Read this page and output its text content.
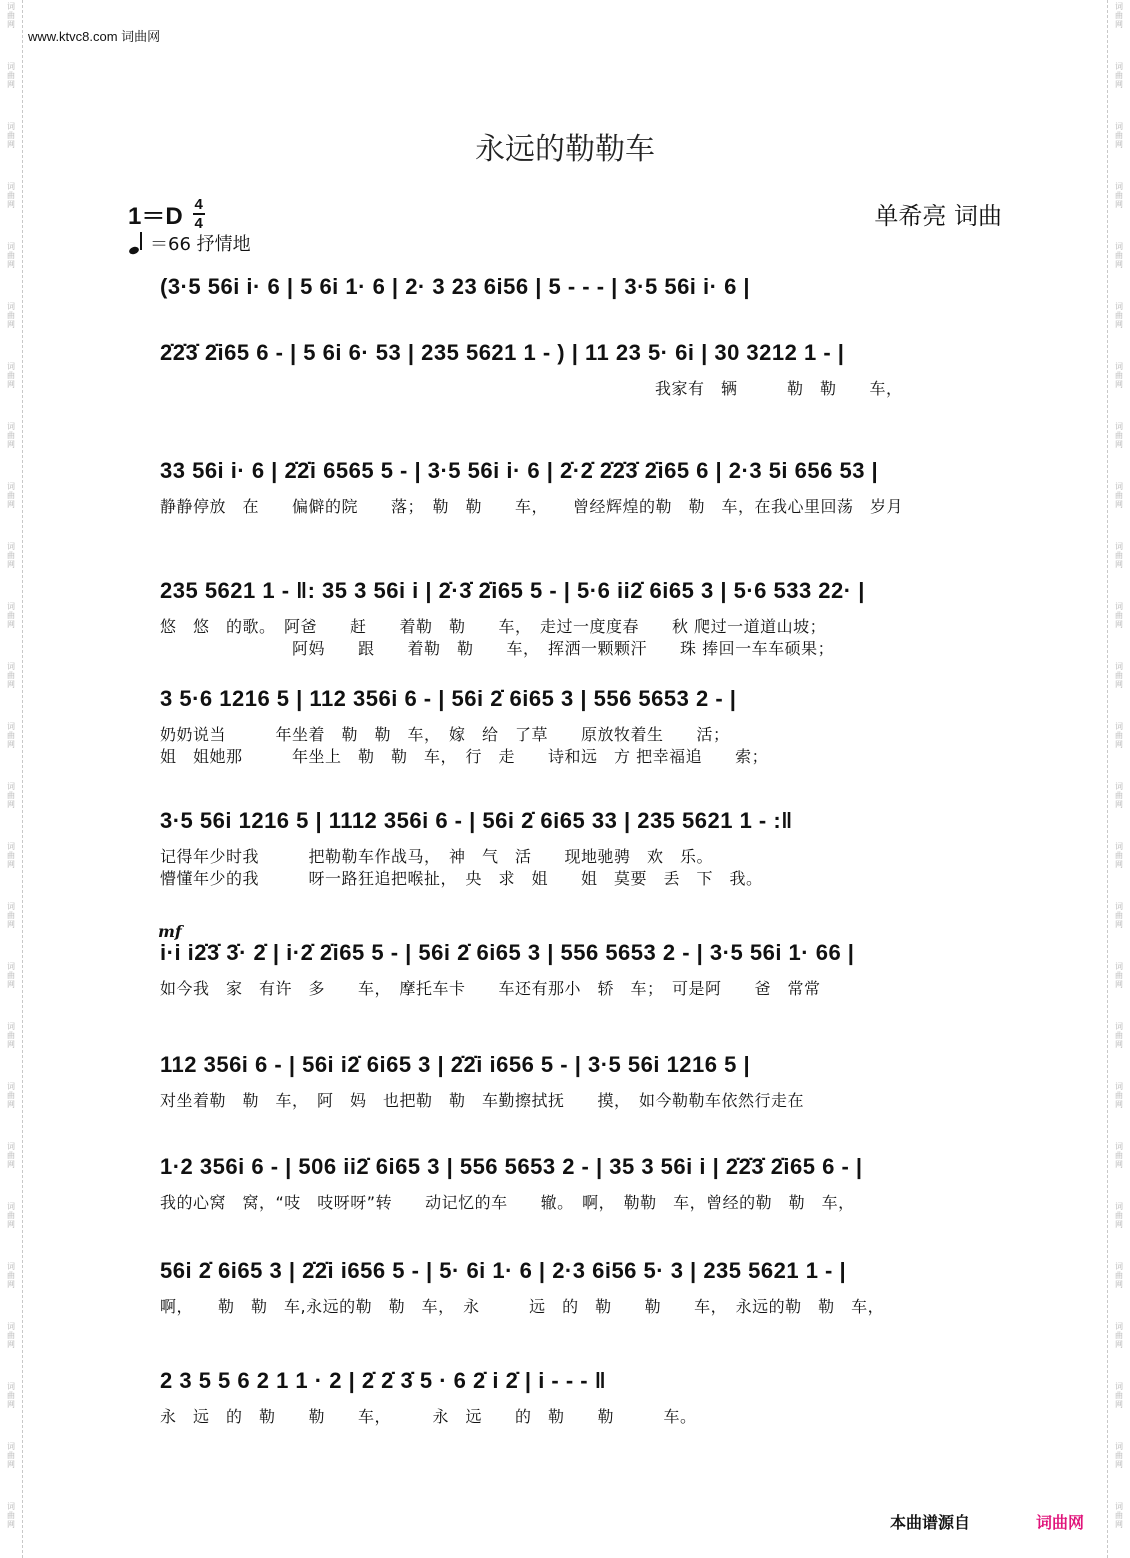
词曲网
词曲网
词曲网
词曲网
词曲网
词曲网
词曲网
词曲网
词曲网
词曲网
词曲网
词曲网
词曲网
词曲网
词曲网
词曲网
词曲网
词曲网
词曲网
词曲网
词曲网
词曲网
词曲网
词曲网
词曲网
词曲网
词曲网
词曲网
词曲网
词曲网
词曲网
词曲网
词曲网
词曲网
词曲网
词曲网
词曲网
词曲网
词曲网
词曲网
词曲网
词曲网
词曲网
词曲网
词曲网
词曲网
词曲网
词曲网
词曲网
词曲网
词曲网
词曲网
www.ktvc8.com 词曲网
永远的勒勒车
1＝D 4
4
＝66 抒情地
单希亮 词曲
mf
(3·5 56i i· 6 | 5 6i 1· 6 | 2· 3 23 6i56 | 5 - - - | 3·5 56i i· 6 |
2̇2̇3̇ 2̇i65 6 - | 5 6i 6· 53 | 235 5621 1 - ) | 11 23 5· 6i | 30 3212 1 - |
　　　　　　　　　　　　　　　　　　　　　　　　　　　　　　我家有　辆　　　勒　勒　　车，
33 56i i· 6 | 2̇2̇i 6565 5 - | 3·5 56i i· 6 | 2̇·2̇ 2̇2̇3̇ 2̇i65 6 | 2·3 5i 656 53 |
静静停放　在　　偏僻的院　　落；　勒　勒　　车，　　曾经辉煌的勒　勒　车，在我心里回荡　岁月
235 5621 1 - ‖: 35 3 56i i | 2̇·3̇ 2̇i65 5 - | 5·6 ii2̇ 6i65 3 | 5·6 533 22· |
悠　悠　的歌。　阿爸　　赶　　着勒　勒　　车，　走过一度度春　　秋 爬过一道道山坡；
　　　　　　　　阿妈　　跟　　着勒　勒　　车，　挥洒一颗颗汗　　珠 捧回一车车硕果；
3 5·6 1216 5 | 112 356i 6 - | 56i 2̇ 6i65 3 | 556 5653 2 - |
奶奶说当　　　年坐着　勒　勒　车，　嫁　给　了草　　原放牧着生　　活；
姐　姐她那　　　年坐上　勒　勒　车，　行　走　　诗和远　方 把幸福追　　索；
3·5 56i 1216 5 | 1112 356i 6 - | 56i 2̇ 6i65 33 | 235 5621 1 - :‖
记得年少时我　　　把勒勒车作战马，　神　气　活　　现地驰骋　欢　乐。
懵懂年少的我　　　呀一路狂追把喉扯，　央　求　姐　　姐　莫要　丢　下　我。
i·i i2̇3̇ 3̇· 2̇ | i·2̇ 2̇i65 5 - | 56i 2̇ 6i65 3 | 556 5653 2 - | 3·5 56i 1· 66 |
如今我　家　有许　多　　车，　摩托车卡　　车还有那小　轿　车；　可是阿　　爸　常常
112 356i 6 - | 56i i2̇ 6i65 3 | 2̇2̇i i656 5 - | 3·5 56i 1216 5 |
对坐着勒　勒　车，　阿　妈　也把勒　勒　车勤擦拭抚　　摸，　如今勒勒车依然行走在
1·2 356i 6 - | 506 ii2̇ 6i65 3 | 556 5653 2 - | 35 3 56i i | 2̇2̇3̇ 2̇i65 6 - |
我的心窝　窝，“吱　吱呀呀”转　　动记忆的车　　辙。　啊，　勒勒　车，曾经的勒　勒　车，
56i 2̇ 6i65 3 | 2̇2̇i i656 5 - | 5· 6i 1· 6 | 2·3 6i56 5· 3 | 235 5621 1 - |
啊，　　勒　勒　车,永远的勒　勒　车，　永　　　远　的　勒　　勒　　车，　永远的勒　勒　车，
2 3 5 5 6 2 1 1 · 2 | 2̇ 2̇ 3̇ 5 · 6 2̇ i 2̇ | i - - - ‖
永　远　的　勒　　勒　　车，　　　永　远　　的　勒　　勒　　　车。
本曲谱源自	词曲网
